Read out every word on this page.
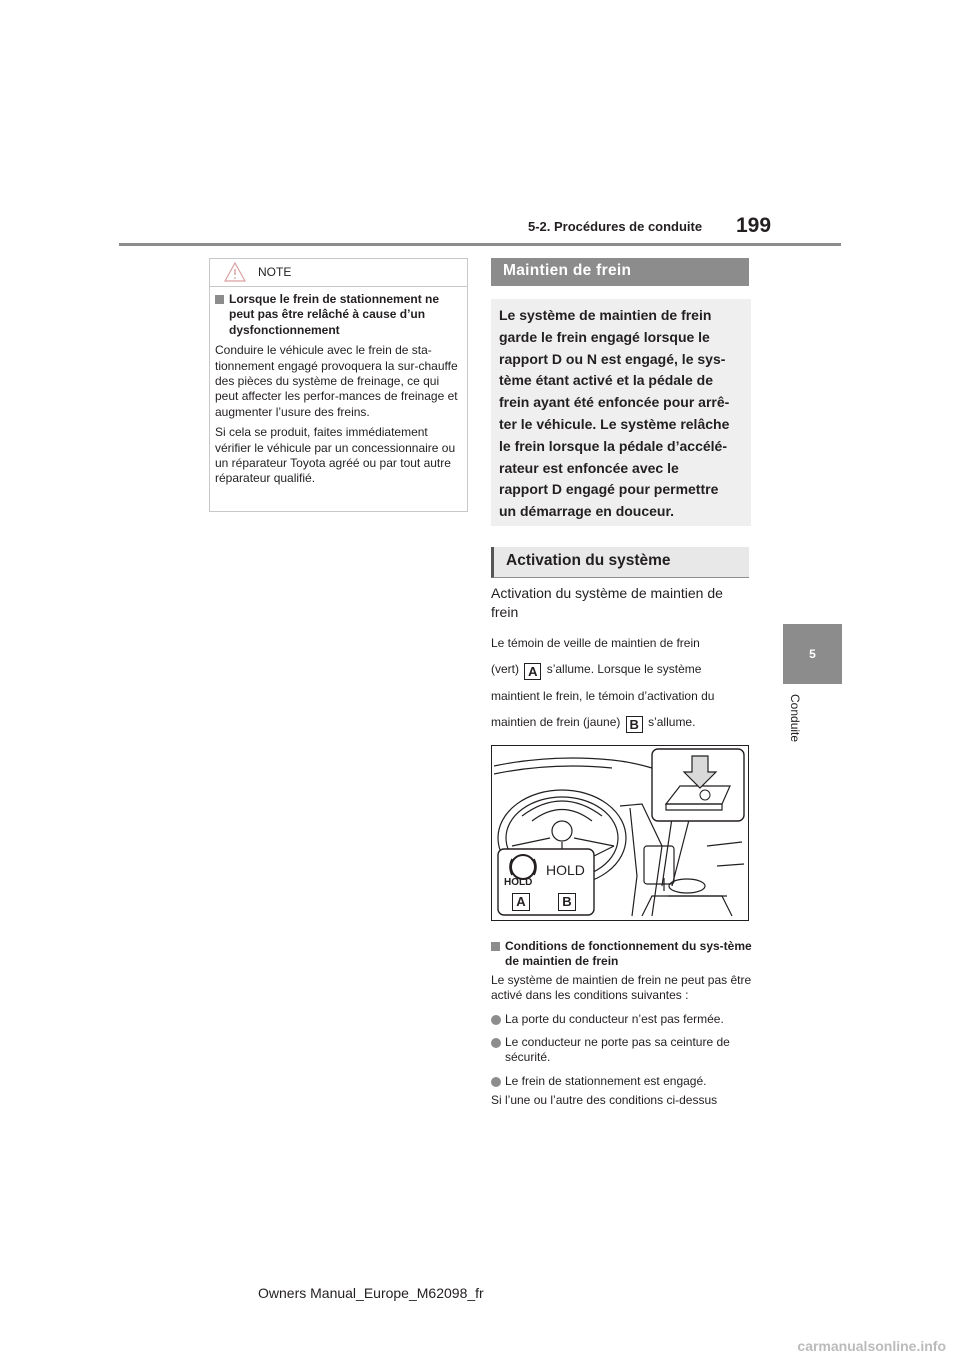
5-2. Procédures de conduite 199
5
Conduite
NOTE
Lorsque le frein de stationnement ne peut pas être relâché à cause d’un dysfonctionnement

Conduire le véhicule avec le frein de sta-tionnement engagé provoquera la sur-chauffe des pièces du système de freinage, ce qui peut affecter les perfor-mances de freinage et augmenter l’usure des freins.

Si cela se produit, faites immédiatement vérifier le véhicule par un concessionnaire ou un réparateur Toyota agréé ou par tout autre réparateur qualifié.

Maintien de frein
Le système de maintien de frein
garde le frein engagé lorsque le
rapport D ou N est engagé, le sys-
tème étant activé et la pédale de
frein ayant été enfoncée pour arrê-
ter le véhicule. Le système relâche
le frein lorsque la pédale d’accélé-
rateur est enfoncée avec le
rapport D engagé pour permettre
un démarrage en douceur.
Activation du système
Activation du système de maintien de frein
Le témoin de veille de maintien de frein
(vert) A s’allume. Lorsque le système
maintient le frein, le témoin d’activation du
maintien de frein (jaune) B s’allume.
HOLD
HOLD
A	B
Conditions de fonctionnement du sys-tème de maintien de frein

Le système de maintien de frein ne peut pas être activé dans les conditions suivantes :

La porte du conducteur n’est pas fermée.
Le conducteur ne porte pas sa ceinture de sécurité.
Le frein de stationnement est engagé.

Si l’une ou l’autre des conditions ci-dessus

Owners Manual_Europe_M62098_fr
carmanualsonline.info
